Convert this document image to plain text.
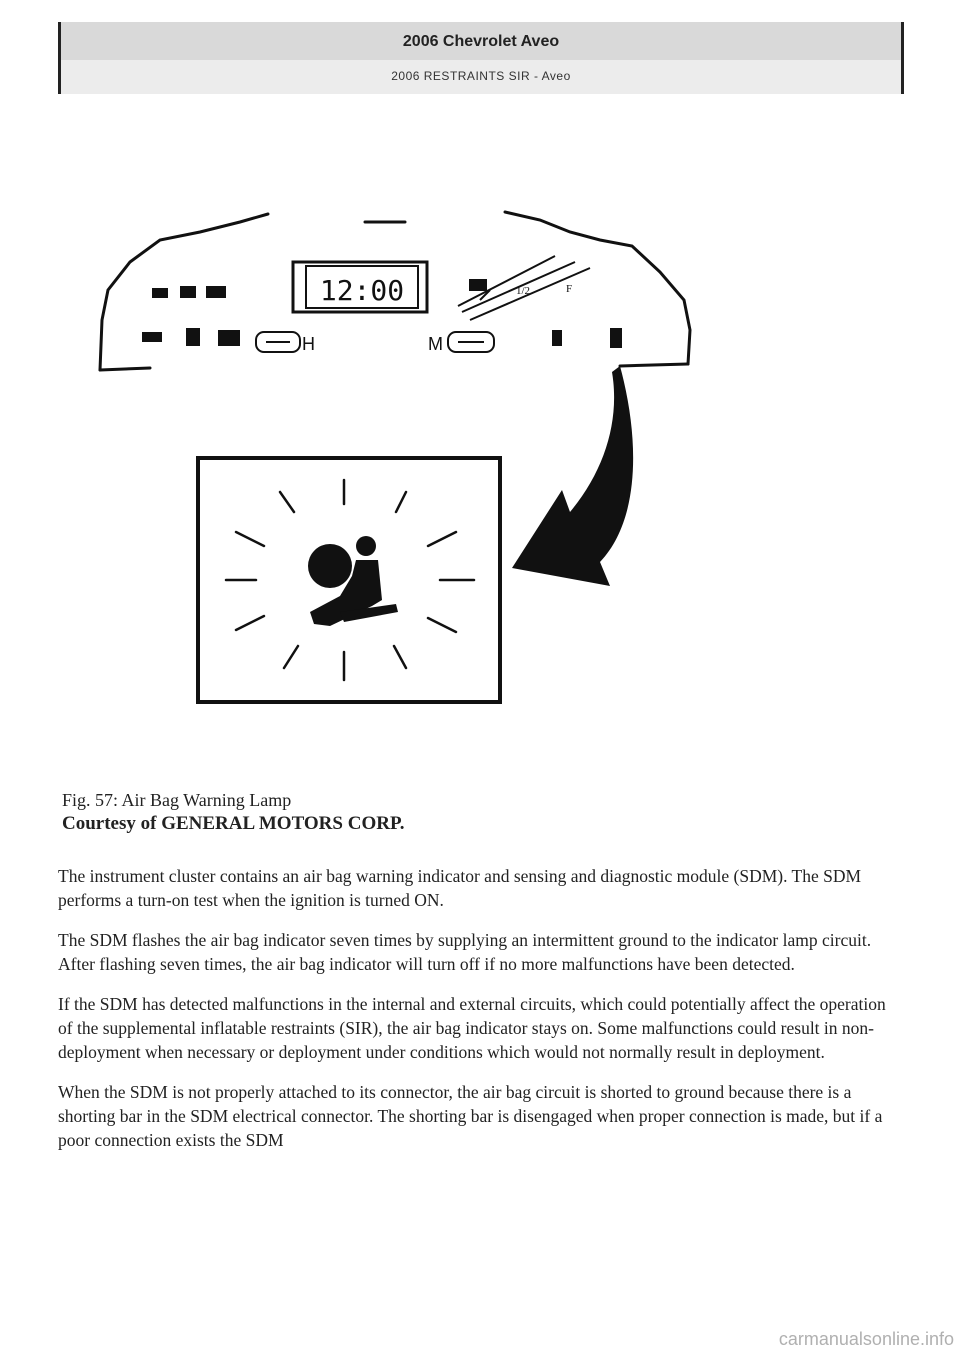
2006 Chevrolet Aveo
2006 RESTRAINTS SIR - Aveo
12:00	1/2	F
H	M
Fig. 57: Air Bag Warning Lamp
Courtesy of GENERAL MOTORS CORP.

The instrument cluster contains an air bag warning indicator and sensing and diagnostic module (SDM). The SDM performs a turn-on test when the ignition is turned ON.

The SDM flashes the air bag indicator seven times by supplying an intermittent ground to the indicator lamp circuit. After flashing seven times, the air bag indicator will turn off if no more malfunctions have been detected.

If the SDM has detected malfunctions in the internal and external circuits, which could potentially affect the operation of the supplemental inflatable restraints (SIR), the air bag indicator stays on. Some malfunctions could result in non-deployment when necessary or deployment under conditions which would not normally result in deployment.

When the SDM is not properly attached to its connector, the air bag circuit is shorted to ground because there is a shorting bar in the SDM electrical connector. The shorting bar is disengaged when proper connection is made, but if a poor connection exists the SDM

carmanualsonline.info
